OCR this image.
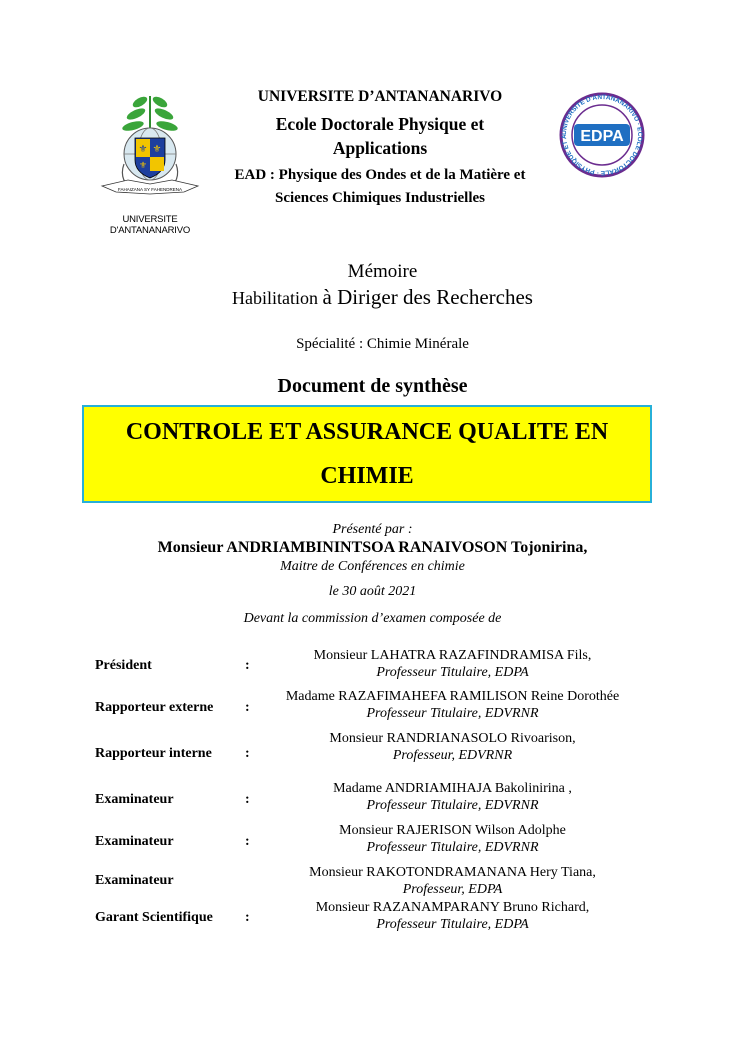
⚜ ⚜
⚜
FAHAIZANA SY FAHENDRENA
UNIVERSITE D'ANTANANARIVO
UNIVERSITE D’ANTANANARIVO
Ecole Doctorale Physique et Applications
EAD : Physique des Ondes et de la Matière et Sciences Chimiques Industrielles
UNIVERSITE D'ANTANANARIVO · ECOLE DOCTORALE · PHYSIQUE ET A EDPA
Mémoire
Habilitation à Diriger des Recherches
Spécialité : Chimie Minérale
Document de synthèse
CONTROLE ET ASSURANCE QUALITE EN CHIMIE
Présenté par :
Monsieur ANDRIAMBININTSOA RANAIVOSON Tojonirina,
Maitre de Conférences en chimie
le 30 août 2021
Devant la commission d’examen composée de
Président	:
Monsieur LAHATRA RAZAFINDRAMISA Fils,
Professeur Titulaire, EDPA
Rapporteur externe :
Madame RAZAFIMAHEFA RAMILISON Reine Dorothée
Professeur Titulaire, EDVRNR
Rapporteur interne :
Monsieur RANDRIANASOLO Rivoarison,
Professeur, EDVRNR
Examinateur	:
Madame ANDRIAMIHAJA Bakolinirina ,
Professeur Titulaire, EDVRNR
Examinateur	:
Monsieur RAJERISON Wilson Adolphe
Professeur Titulaire, EDVRNR
Examinateur
Monsieur RAKOTONDRAMANANA Hery Tiana,
Professeur, EDPA
Garant Scientifique :
Monsieur RAZANAMPARANY Bruno Richard,
Professeur Titulaire, EDPA
